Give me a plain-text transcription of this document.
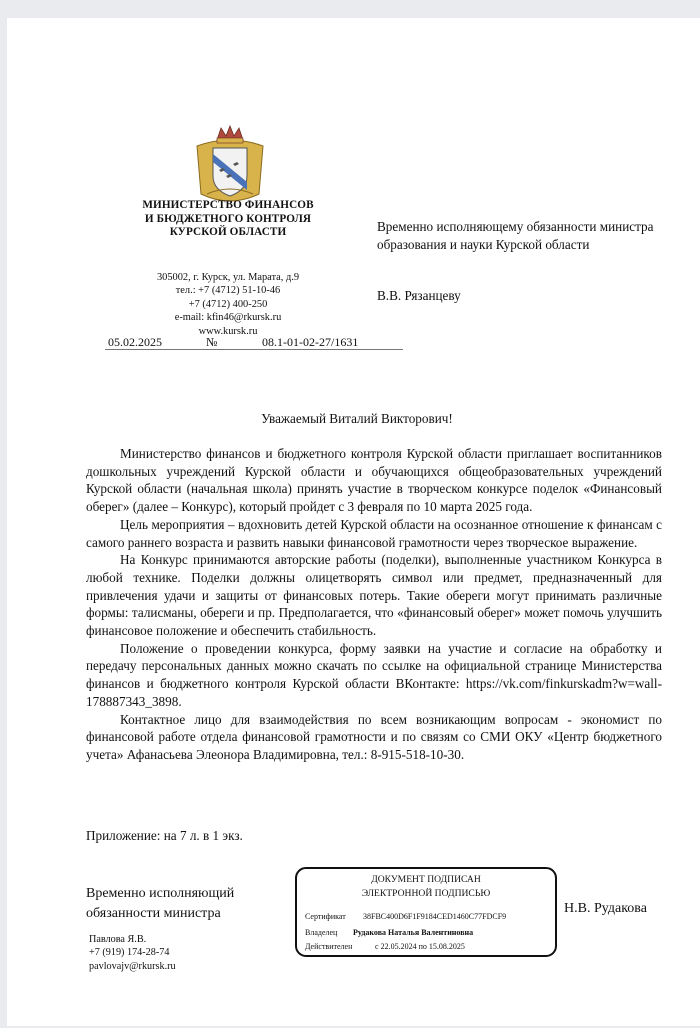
МИНИСТЕРСТВО ФИНАНСОВ
И БЮДЖЕТНОГО КОНТРОЛЯ
КУРСКОЙ ОБЛАСТИ
305002, г. Курск, ул. Марата, д.9
тел.: +7 (4712) 51-10-46
+7 (4712) 400-250
e-mail: kfin46@rkursk.ru
www.kursk.ru
05.02.2025	№	08.1-01-02-27/1631
Временно исполняющему обязанности министра образования и науки Курской области
В.В. Рязанцеву
Уважаемый Виталий Викторович!

Министерство финансов и бюджетного контроля Курской области приглашает воспитанников дошкольных учреждений Курской области и обучающихся общеобразовательных учреждений Курской области (начальная школа) принять участие в творческом конкурсе поделок «Финансовый оберег» (далее – Конкурс), который пройдет с 3 февраля по 10 марта 2025 года.

Цель мероприятия – вдохновить детей Курской области на осознанное отношение к финансам с самого раннего возраста и развить навыки финансовой грамотности через творческое выражение.

На Конкурс принимаются авторские работы (поделки), выполненные участником Конкурса в любой технике. Поделки должны олицетворять символ или предмет, предназначенный для привлечения удачи и защиты от финансовых потерь. Такие обереги могут принимать различные формы: талисманы, обереги и пр. Предполагается, что «финансовый оберег» может помочь улучшить финансовое положение и обеспечить стабильность.

Положение о проведении конкурса, форму заявки на участие и согласие на обработку и передачу персональных данных можно скачать по ссылке на официальной странице Министерства финансов и бюджетного контроля Курской области ВКонтакте: https://vk.com/finkurskadm?w=wall-178887343_3898.

Контактное лицо для взаимодействия по всем возникающим вопросам - экономист по финансовой работе отдела финансовой грамотности и по связям со СМИ ОКУ «Центр бюджетного учета» Афанасьева Элеонора Владимировна, тел.: 8-915-518-10-30.

Приложение: на 7 л. в 1 экз.
Временно исполняющий
обязанности министра
ДОКУМЕНТ ПОДПИСАН
ЭЛЕКТРОННОЙ ПОДПИСЬЮ
Сертификат 38FBC400D6F1F9184CED1460C77FDCF9
Владелец Рудакова Наталья Валентиновна
Действителен	с 22.05.2024 по 15.08.2025
Н.В. Рудакова
Павлова Я.В.
+7 (919) 174-28-74
pavlovajv@rkursk.ru
